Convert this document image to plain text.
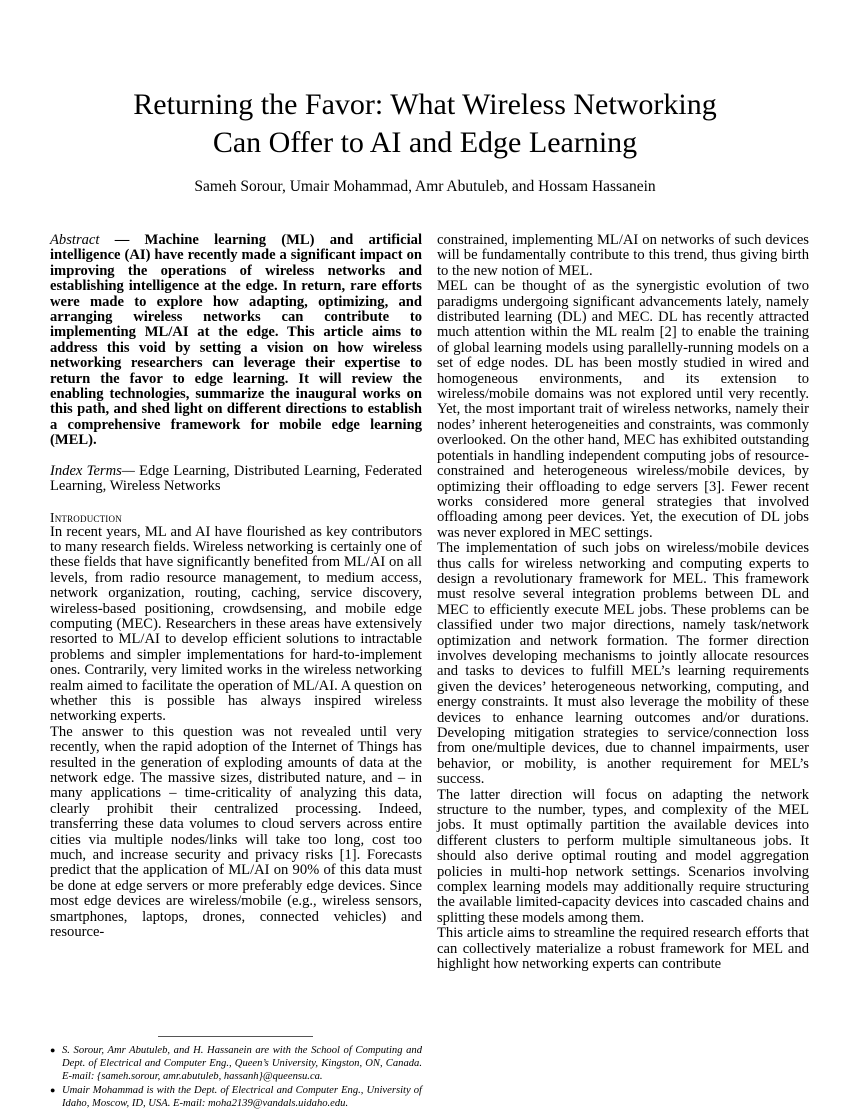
Returning the Favor: What Wireless Networking
Can Offer to AI and Edge Learning
Sameh Sorour, Umair Mohammad, Amr Abutuleb, and Hossam Hassanein

Abstract — Machine learning (ML) and artificial intelligence (AI) have recently made a significant impact on improving the operations of wireless networks and establishing intelligence at the edge. In return, rare efforts were made to explore how adapting, optimizing, and arranging wireless networks can contribute to implementing ML/AI at the edge. This article aims to address this void by setting a vision on how wireless networking researchers can leverage their expertise to return the favor to edge learning. It will review the enabling technologies, summarize the inaugural works on this path, and shed light on different directions to establish a comprehensive framework for mobile edge learning (MEL).

Index Terms— Edge Learning, Distributed Learning, Federated Learning, Wireless Networks

Introduction

In recent years, ML and AI have flourished as key contributors to many research fields. Wireless networking is certainly one of these fields that have significantly benefited from ML/AI on all levels, from radio resource management, to medium access, network organization, routing, caching, service discovery, wireless-based positioning, crowdsensing, and mobile edge computing (MEC). Researchers in these areas have extensively resorted to ML/AI to develop efficient solutions to intractable problems and simpler implementations for hard-to-implement ones. Contrarily, very limited works in the wireless networking realm aimed to facilitate the operation of ML/AI. A question on whether this is possible has always inspired wireless networking experts.

The answer to this question was not revealed until very recently, when the rapid adoption of the Internet of Things has resulted in the generation of exploding amounts of data at the network edge. The massive sizes, distributed nature, and – in many applications – time-criticality of analyzing this data, clearly prohibit their centralized processing. Indeed, transferring these data volumes to cloud servers across entire cities via multiple nodes/links will take too long, cost too much, and increase security and privacy risks [1]. Forecasts predict that the application of ML/AI on 90% of this data must be done at edge servers or more preferably edge devices. Since most edge devices are wireless/mobile (e.g., wireless sensors, smartphones, laptops, drones, connected vehicles) and resource-

constrained, implementing ML/AI on networks of such devices will be fundamentally contribute to this trend, thus giving birth to the new notion of MEL.

MEL can be thought of as the synergistic evolution of two paradigms undergoing significant advancements lately, namely distributed learning (DL) and MEC. DL has recently attracted much attention within the ML realm [2] to enable the training of global learning models using parallelly-running models on a set of edge nodes. DL has been mostly studied in wired and homogeneous environments, and its extension to wireless/mobile domains was not explored until very recently. Yet, the most important trait of wireless networks, namely their nodes’ inherent heterogeneities and constraints, was commonly overlooked. On the other hand, MEC has exhibited outstanding potentials in handling independent computing jobs of resource-constrained and heterogeneous wireless/mobile devices, by optimizing their offloading to edge servers [3]. Fewer recent works considered more general strategies that involved offloading among peer devices. Yet, the execution of DL jobs was never explored in MEC settings.

The implementation of such jobs on wireless/mobile devices thus calls for wireless networking and computing experts to design a revolutionary framework for MEL. This framework must resolve several integration problems between DL and MEC to efficiently execute MEL jobs. These problems can be classified under two major directions, namely task/network optimization and network formation. The former direction involves developing mechanisms to jointly allocate resources and tasks to devices to fulfill MEL’s learning requirements given the devices’ heterogeneous networking, computing, and energy constraints. It must also leverage the mobility of these devices to enhance learning outcomes and/or durations. Developing mitigation strategies to service/connection loss from one/multiple devices, due to channel impairments, user behavior, or mobility, is another requirement for MEL’s success.

The latter direction will focus on adapting the network structure to the number, types, and complexity of the MEL jobs. It must optimally partition the available devices into different clusters to perform multiple simultaneous jobs. It should also derive optimal routing and model aggregation policies in multi-hop network settings. Scenarios involving complex learning models may additionally require structuring the available limited-capacity devices into cascaded chains and splitting these models among them.

This article aims to streamline the required research efforts that can collectively materialize a robust framework for MEL and highlight how networking experts can contribute

● S. Sorour, Amr Abutuleb, and H. Hassanein are with the School of Computing and Dept. of Electrical and Computer Eng., Queen’s University, Kingston, ON, Canada. E-mail: {sameh.sorour, amr.abutuleb, hassanh}@queensu.ca.
● Umair Mohammad is with the Dept. of Electrical and Computer Eng., University of Idaho, Moscow, ID, USA. E-mail: moha2139@vandals.uidaho.edu.
